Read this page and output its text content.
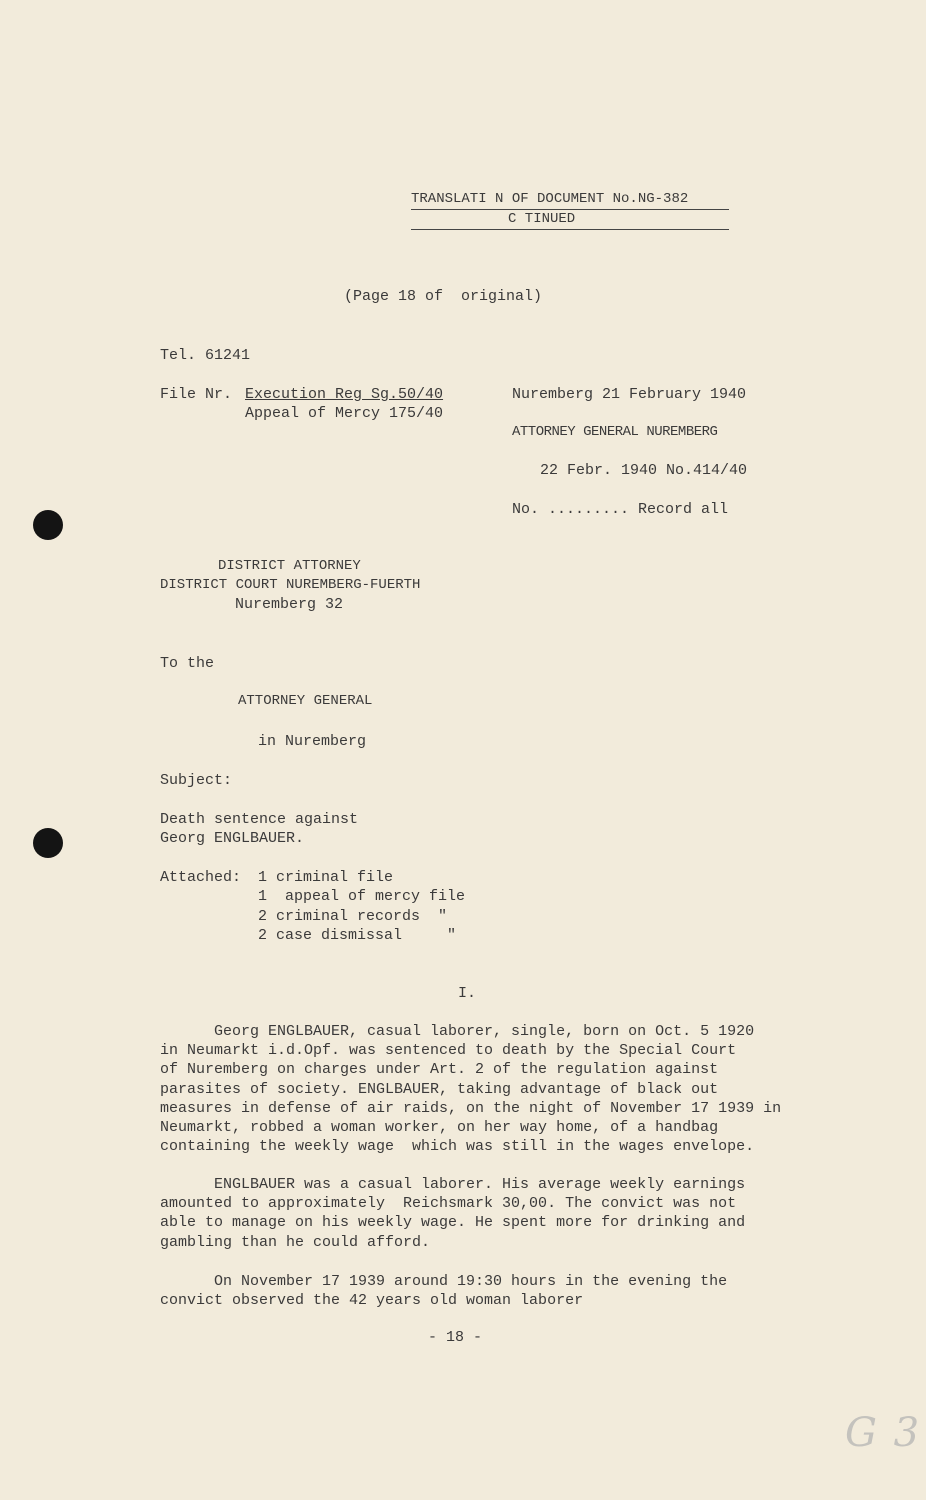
TRANSLATI N OF DOCUMENT No.NG-382
C TINUED
(Page 18 of  original)
Tel. 61241
File Nr. Execution Reg Sg.50/40
Appeal of Mercy 175/40
Nuremberg 21 February 1940
ATTORNEY GENERAL NUREMBERG
22 Febr. 1940 No.414/40
No. ......... Record all
DISTRICT ATTORNEY
DISTRICT COURT NUREMBERG-FUERTH
Nuremberg 32
To the
ATTORNEY GENERAL
in Nuremberg
Subject:
Death sentence against
Georg ENGLBAUER.
Attached: 1 criminal file
1  appeal of mercy file
2 criminal records  "
2 case dismissal     "
I.
Georg ENGLBAUER, casual laborer, single, born on Oct. 5 1920
in Neumarkt i.d.Opf. was sentenced to death by the Special Court
of Nuremberg on charges under Art. 2 of the regulation against
parasites of society. ENGLBAUER, taking advantage of black out
measures in defense of air raids, on the night of November 17 1939 in
Neumarkt, robbed a woman worker, on her way home, of a handbag
containing the weekly wage  which was still in the wages envelope.
ENGLBAUER was a casual laborer. His average weekly earnings
amounted to approximately  Reichsmark 30,00. The convict was not
able to manage on his weekly wage. He spent more for drinking and
gambling than he could afford.
On November 17 1939 around 19:30 hours in the evening the
convict observed the 42 years old woman laborer
- 18 -
G 3
